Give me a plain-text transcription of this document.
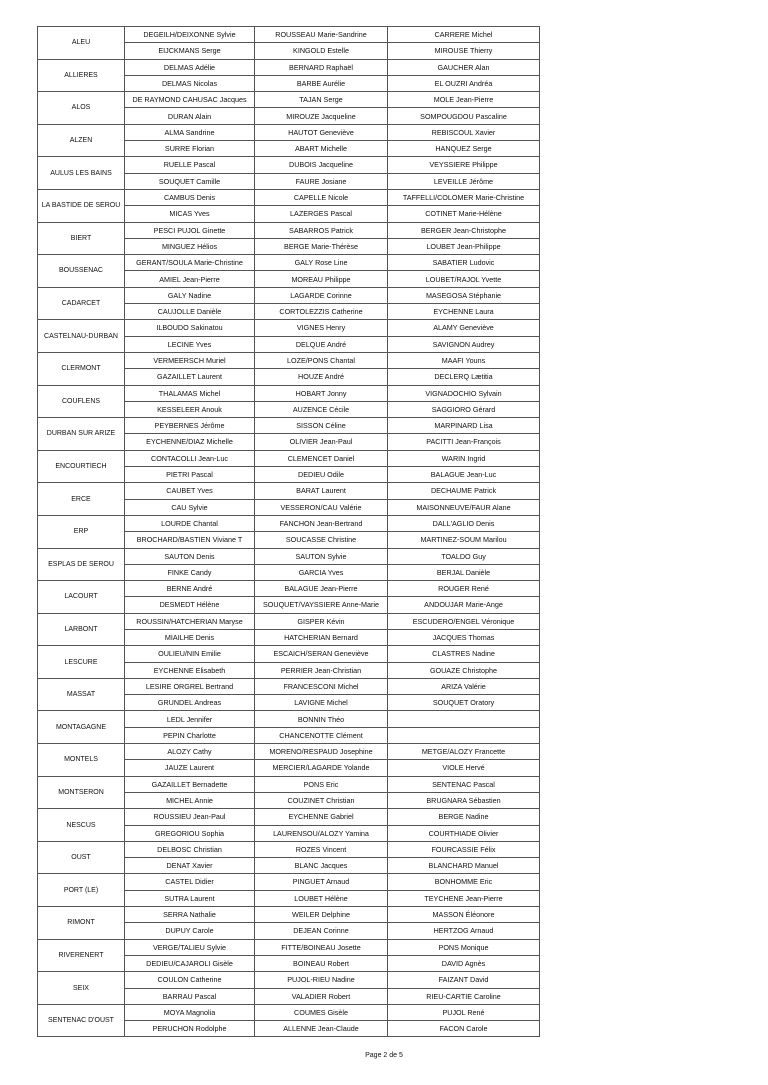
ALEU	DEGEILH/DEIXONNE Sylvie	ROUSSEAU Marie-Sandrine	CARRERE Michel
	EIJCKMANS Serge	KINGOLD Estelle	MIROUSE Thierry
ALLIERES	DELMAS Adélie	BERNARD Raphaël	GAUCHER Alan
	DELMAS Nicolas	BARBE Aurélie	EL OUZRI Andréa
ALOS	DE RAYMOND CAHUSAC Jacques	TAJAN Serge	MOLE Jean-Pierre
	DURAN Alain	MIROUZE Jacqueline	SOMPOUGDOU Pascaline
ALZEN	ALMA Sandrine	HAUTOT Geneviève	REBISCOUL Xavier
	SURRE Florian	ABART Michelle	HANQUEZ Serge
AULUS LES BAINS	RUELLE Pascal	DUBOIS Jacqueline	VEYSSIERE Philippe
	SOUQUET Camille	FAURE Josiane	LEVEILLE Jérôme
LA BASTIDE DE SEROU	CAMBUS Denis	CAPELLE Nicole	TAFFELLI/COLOMER Marie-Christine
	MICAS Yves	LAZERGES Pascal	COTINET Marie-Hélène
BIERT	PESCI PUJOL Ginette	SABARROS Patrick	BERGER Jean-Christophe
	MINGUEZ Hélios	BERGE Marie-Thérèse	LOUBET Jean-Philippe
BOUSSENAC	GERANT/SOULA Marie-Christine	GALY Rose Line	SABATIER Ludovic
	AMIEL Jean-Pierre	MOREAU Philippe	LOUBET/RAJOL Yvette
CADARCET	GALY Nadine	LAGARDE Corinne	MASEGOSA Stéphanie
	CAUJOLLE Danièle	CORTOLEZZIS Catherine	EYCHENNE Laura
CASTELNAU-DURBAN	ILBOUDO Sakinatou	VIGNES Henry	ALAMY Geneviève
	LECINE Yves	DELQUE André	SAVIGNON Audrey
CLERMONT	VERMEERSCH Muriel	LOZE/PONS Chantal	MAAFI Youns
	GAZAILLET Laurent	HOUZE André	DECLERQ Lætitia
COUFLENS	THALAMAS Michel	HOBART Jonny	VIGNADOCHIO Sylvain
	KESSELEER Anouk	AUZENCE Cécile	SAGGIORO Gérard
DURBAN SUR ARIZE	PEYBERNES Jérôme	SISSON Céline	MARPINARD Lisa
	EYCHENNE/DIAZ Michelle	OLIVIER Jean-Paul	PACITTI Jean-François
ENCOURTIECH	CONTACOLLI Jean-Luc	CLEMENCET Daniel	WARIN Ingrid
	PIETRI Pascal	DEDIEU Odile	BALAGUE Jean-Luc
ERCE	CAUBET Yves	BARAT Laurent	DECHAUME Patrick
	CAU Sylvie	VESSERON/CAU Valérie	MAISONNEUVE/FAUR Alane
ERP	LOURDE Chantal	FANCHON Jean-Bertrand	DALL'AGLIO Denis
	BROCHARD/BASTIEN Viviane T	SOUCASSE Christine	MARTINEZ-SOUM Marilou
ESPLAS DE SEROU	SAUTON Denis	SAUTON Sylvie	TOALDO Guy
	FINKE Candy	GARCIA Yves	BERJAL Danièle
LACOURT	BERNE André	BALAGUE Jean-Pierre	ROUGER René
	DESMEDT Hélène	SOUQUET/VAYSSIERE Anne-Marie	ANDOUJAR Marie-Ange
LARBONT	ROUSSIN/HATCHERIAN Maryse	GISPER Kévin	ESCUDERO/ENGEL Véronique
	MIAILHE Denis	HATCHERIAN Bernard	JACQUES Thomas
LESCURE	OULIEU/NIN Emilie	ESCAICH/SERAN Geneviève	CLASTRES Nadine
	EYCHENNE Elisabeth	PERRIER Jean-Christian	GOUAZE Christophe
MASSAT	LESIRE ORGREL Bertrand	FRANCESCONI Michel	ARIZA Valérie
	GRUNDEL Andreas	LAVIGNE Michel	SOUQUET Oratory
MONTAGAGNE	LEDL Jennifer	BONNIN Théo	
	PEPIN Charlotte	CHANCENOTTE Clément	
MONTELS	ALOZY Cathy	MORENO/RESPAUD Josephine	METGE/ALOZY Francette
	JAUZE Laurent	MERCIER/LAGARDE Yolande	VIOLE Hervé
MONTSERON	GAZAILLET Bernadette	PONS Eric	SENTENAC Pascal
	MICHEL Annie	COUZINET Christian	BRUGNARA Sébastien
NESCUS	ROUSSIEU Jean-Paul	EYCHENNE Gabriel	BERGE Nadine
	GREGORIOU Sophia	LAURENSOU/ALOZY Yamina	COURTHIADE Olivier
OUST	DELBOSC Christian	ROZES Vincent	FOURCASSIE Félix
	DENAT Xavier	BLANC Jacques	BLANCHARD Manuel
PORT (LE)	CASTEL Didier	PINGUET Arnaud	BONHOMME Eric
	SUTRA Laurent	LOUBET Hélène	TEYCHENE Jean-Pierre
RIMONT	SERRA Nathalie	WEILER Delphine	MASSON Éléonore
	DUPUY Carole	DEJEAN Corinne	HERTZOG Arnaud
RIVERENERT	VERGE/TALIEU Sylvie	FITTE/BOINEAU Josette	PONS Monique
	DEDIEU/CAJAROLI Gisèle	BOINEAU Robert	DAVID Agnès
SEIX	COULON Catherine	PUJOL-RIEU Nadine	FAIZANT David
	BARRAU Pascal	VALADIER Robert	RIEU-CARTIE Caroline
SENTENAC D'OUST	MOYA Magnolia	COUMES Gisèle	PUJOL René
	PERUCHON Rodolphe	ALLENNE Jean-Claude	FACON Carole
Page 2 de 5
